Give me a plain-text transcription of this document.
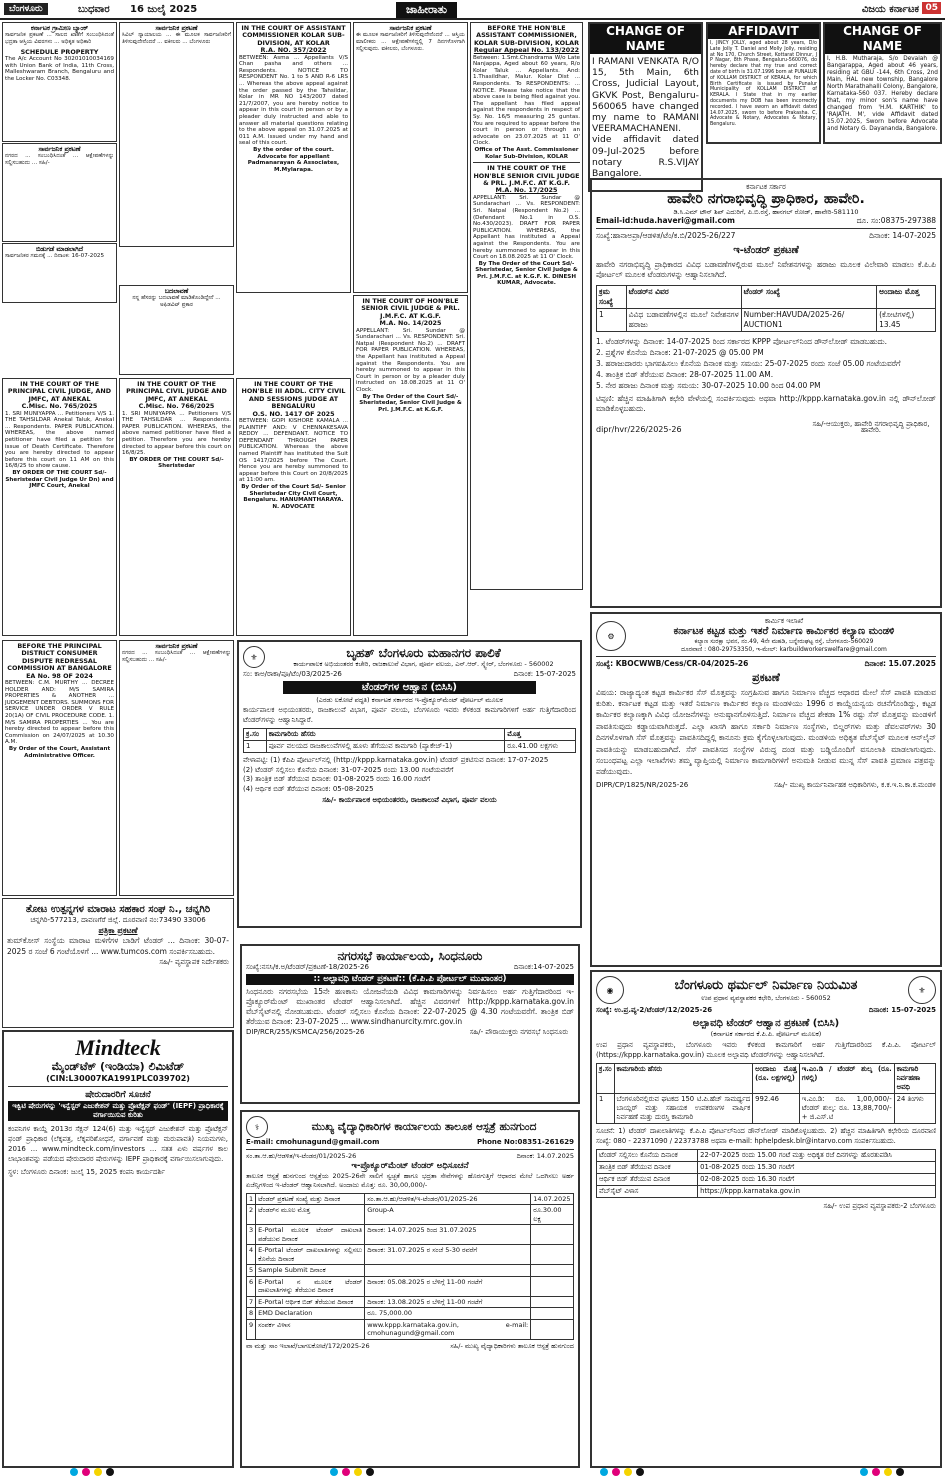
ಬೆಂಗಳೂರು	ಬುಧವಾರ 16 ಜುಲೈ 2025	ಜಾಹೀರಾತು	ವಿಜಯ ಕರ್ನಾಟಕ 05
ಕರ್ನಾಟಕ ಗ್ರಾಮೀಣ ಬ್ಯಾಂಕ್
ಸಾರ್ವಜನಿಕ ಪ್ರಕಟಣೆ ... ಸಾಲದ ಖಾತೆಗೆ ಸಂಬಂಧಿಸಿದಂತೆ ಭದ್ರತಾ ಆಸ್ತಿಯ ವಿವರಗಳು ... ಅಧಿಕೃತ ಅಧಿಕಾರಿ
SCHEDULE PROPERTY
The A/c Account No 30201010034169 with Union Bank of India, 11th Cross, Malleshwaram Branch, Bengaluru and the Locker No. C03348.
ಬಿಡುಗಡೆ ಮಾಡಲಾಗಿದೆ
ಸಾರ್ವಜನಿಕರ ಗಮನಕ್ಕೆ ... ದಿನಾಂಕ: 16-07-2025
ಸಾರ್ವಜನಿಕ ಪ್ರಕಟಣೆ
ನಗರದ ... ಸಂಬಂಧಿಸಿದಂತೆ ... ಆಕ್ಷೇಪಣೆಗಳನ್ನು ಸಲ್ಲಿಸಬಹುದು ... ಸಹಿ/-
ಸಾರ್ವಜನಿಕ ಪ್ರಕಟಣೆ
ಸಿವಿಲ್ ನ್ಯಾಯಾಲಯ ... ಈ ಮೂಲಕ ಸಾರ್ವಜನಿಕರಿಗೆ ತಿಳಿಸುವುದೇನೆಂದರೆ ... ವಕೀಲರು ... ಬೆಂಗಳೂರು
ಬದಲಾವಣೆ
ನನ್ನ ಹೆಸರನ್ನು ಬದಲಾವಣೆ ಮಾಡಿಕೊಂಡಿದ್ದೇನೆ ... ಅಫಿಡವಿಟ್ ಪ್ರಕಾರ
IN THE COURT OF ASSISTANT COMMISSIONER KOLAR SUB-DIVISION, AT KOLAR
R.A. NO. 357/2022
BETWEEN: Asma ... Appellants V/S Chan pasha and others ... Respondents. NOTICE TO RESPONDENT No. 1 to 5 AND R-6 LRS ... Whereas the above appeal against the order passed by the Tahsildar, Kolar in MR NO 143/2007 dated 21/7/2007, you are hereby notice to appear in this court in person or by a pleader duly instructed and able to answer all material questions relating to the above appeal on 31.07.2025 at 011 A.M. Issued under my hand and seal of this court.
By the order of the court. Advocate for appellant Padmanarayan & Associates, M.Mylarapa.
ಸಾರ್ವಜನಿಕ ಪ್ರಕಟಣೆ
ಈ ಮೂಲಕ ಸಾರ್ವಜನಿಕರಿಗೆ ತಿಳಿಸುವುದೇನೆಂದರೆ ... ಆಸ್ತಿಯ ಮಾಲೀಕರು ... ಆಕ್ಷೇಪಣೆಗಳಿದ್ದಲ್ಲಿ 7 ದಿನಗಳೊಳಗಾಗಿ ಸಲ್ಲಿಸುವುದು. ವಕೀಲರು, ಬೆಂಗಳೂರು.
BEFORE THE HON'BLE ASSISTANT COMMISSIONER, KOLAR SUB-DIVISION, KOLAR
Regular Appeal No. 133/2022
Between: 1.Smt.Chandrama W/o Late Nanjappa, Aged about 60 years, R/o Kolar Taluk ... Appellants. And: 1.Thasildhar, Malur. Kolar Dist ... Respondents. To RESPONDENTS: ... NOTICE. Please take notice that the above case is being filed against you. The appellant has filed appeal against the respondents in respect of Sy. No. 16/5 measuring 25 guntas. You are required to appear before the court in person or through an advocate on 23.07.2025 at 11 O' Clock.
Office of The Asst. Commissioner Kolar Sub-Division, KOLAR
IN THE COURT OF THE HON'BLE SENIOR CIVIL JUDGE & PRL. J.M.F.C. AT K.G.F.
M.A. No. 17/2025
APPELLANT: Sri. Sundar @ Sundarachari ... Vs. RESPONDENT: Sri. Natpal (Respondent No.2) ... (Defendant No.1 in O.S. No.430/2023). DRAFT FOR PAPER PUBLICATION. WHEREAS, the Appellant has instituted a Appeal against the Respondents. You are hereby summoned to appear in this Court on 18.08.2025 at 11 O' Clock.
By The Order of the Court Sd/- Sheristedar, Senior Civil Judge & Prl. J.M.F.C. at K.G.F. K. DINESH KUMAR, Advocate.
CHANGE OF NAME
I RAMANI VENKATA R/O 15, 5th Main, 6th Cross, Judicial Layout, GKVK Post, Bengaluru-560065 have changed my name to RAMANI VEERAMACHANENI. vide affidavit dated 09-Jul-2025 before notary R.S.VIJAY Bangalore.
AFFIDAVIT
I, JINCY JOLLY, aged about 28 years, D/o Late Jolly T. Daniel and Molly Jolly, residing at No 170, Church Street, Kottarat Dinnur, J P Nagar, 8th Phase, Bengaluru-560076, do hereby declare that my true and correct date of birth is 31.07.1996 born at PUNALUR of KOLLAM DISTRICT of KERALA, for which Birth Certificate is issued by Punalur Municipality of KOLLAM DISTRICT of KERALA. I State that in my earlier documents my DOB has been incorrectly recorded. I have sworn an affidavit dated 14.07.2025, sworn to before Prakasha. C, Advocate & Notary, Advocates & Notary, Bengaluru.
CHANGE OF NAME
I, H.B. Mutharaja, S/o Devaiah @ Bangarappa, Aged about 46 years, residing at GBU -144, 6th Cross, 2nd Main, HAL new township, Bangalore North Marathahalli Colony, Bangalore, Karnataka-560 037. Hereby declare that, my minor son's name have changed from 'H.M. KARTHIK' to 'RAJATH. M', vide Affidavit dated 15.07.2025, Sworn before Advocate and Notary G. Dayananda, Bangalore.
ಕರ್ನಾಟಕ ಸರ್ಕಾರ
ಹಾವೇರಿ ನಗರಾಭಿವೃದ್ಧಿ ಪ್ರಾಧಿಕಾರ, ಹಾವೇರಿ.
ಡಿ.ಸಿ.ಎಮ್ ಟೌನ್ ಶಿಪ್ ಎದುರಿಗೆ, ಪಿ.ಬಿ.ರಸ್ತೆ, ಹಾನಗಲ್ ರೋಡ್, ಹಾವೇರಿ-581110
Email-id:huda.haveri@gmail.com	ದೂ. ಸಂ:08375-297388
ಸಂಖ್ಯೆ:ಹಾನಾಅಪ್ರಾ/ಆಡಳಿತ/ಟೆಂ/ಕ.ಬಿ/2025-26/227	ದಿನಾಂಕ: 14-07-2025
ಇ-ಟೆಂಡರ್ ಪ್ರಕಟಣೆ
ಹಾವೇರಿ ನಗರಾಭಿವೃದ್ಧಿ ಪ್ರಾಧಿಕಾರದ ವಿವಿಧ ಬಡಾವಣೆಗಳಲ್ಲಿರುವ ಮೂಲೆ ನಿವೇಶನಗಳನ್ನು ಹರಾಜು ಮೂಲಕ ವಿಲೇವಾರಿ ಮಾಡಲು ಕೆ.ಪಿ.ಪಿ ಪೋರ್ಟಲ್ ಮೂಲಕ ಟೆಂಡರುಗಳನ್ನು ಆಹ್ವಾನಿಸಲಾಗಿದೆ.
ಕ್ರಮ ಸಂಖ್ಯೆ	ಟೆಂಡರ್‌ನ ವಿವರ	ಟೆಂಡರ್ ಸಂಖ್ಯೆ	ಅಂದಾಜು ಮೊತ್ತ
1	ವಿವಿಧ ಬಡಾವಣೆಗಳಲ್ಲಿನ ಮೂಲೆ ನಿವೇಶನಗಳ ಹರಾಜು	Number:HAVUDA/2025-26/ AUCTION1	(ಕೋಟಿಗಳಲ್ಲಿ) 13.45
1. ಟೆಂಡರ್‌ಗಳನ್ನು ದಿನಾಂಕ: 14-07-2025 ರಿಂದ ಸರ್ಕಾರದ KPPP ಪೋರ್ಟಲ್‌ನಿಂದ ಡೌನ್‌ಲೋಡ್ ಮಾಡಬಹುದು.
2. ಪ್ರಶ್ನೆಗಳ ಕೊನೆಯ ದಿನಾಂಕ: 21-07-2025 @ 05.00 PM
3. ಹರಾಜುದಾರರು ಭಾಗವಹಿಸಲು ಕೊನೆಯ ದಿನಾಂಕ ಮತ್ತು ಸಮಯ: 25-07-2025 ರಂದು ಸಂಜೆ 05.00 ಗಂಟೆಯವರೆಗೆ
4. ತಾಂತ್ರಿಕ ಬಿಡ್ ತೆರೆಯುವ ದಿನಾಂಕ: 28-07-2025 11.00 AM.
5. ನೇರ ಹರಾಜು ದಿನಾಂಕ ಮತ್ತು ಸಮಯ: 30-07-2025 10.00 ರಿಂದ 04.00 PM
ಟಿಪ್ಪಣಿ: ಹೆಚ್ಚಿನ ಮಾಹಿತಿಗಾಗಿ ಕಛೇರಿ ವೇಳೆಯಲ್ಲಿ ಸಂಪರ್ಕಿಸುವುದು ಅಥವಾ http://kppp.karnataka.gov.in ನಲ್ಲಿ ಡೌನ್‌ಲೋಡ್ ಮಾಡಿಕೊಳ್ಳಬಹುದು.
dipr/hvr/226/2025-26
ಸಹಿ/-ಆಯುಕ್ತರು, ಹಾವೇರಿ ನಗರಾಭಿವೃದ್ಧಿ ಪ್ರಾಧಿಕಾರ, ಹಾವೇರಿ.
IN THE COURT OF THE PRINCIPAL CIVIL JUDGE, AND JMFC, AT ANEKAL
C.Misc. No. 765/2025
1. SRI MUNIYAPPA ... Petitioners V/S 1. THE TAHSILDAR Anekal Taluk, Anekal ... Respondents. PAPER PUBLICATION. WHEREAS, the above named petitioner have filed a petition for issue of Death Certificate. Therefore you are hereby directed to appear before this court on 11 AM on this 16/8/25 to show cause.
BY ORDER OF THE COURT Sd/- Sheristedar Civil Judge Ur Dn) and JMFC Court, Anekal
IN THE COURT OF THE PRINCIPAL CIVIL JUDGE AND JMFC, AT ANEKAL
C.Misc. No. 766/2025
1. SRI MUNIYAPPA ... Petitioners V/S THE TAHSILDAR ... Respondents. PAPER PUBLICATION. WHEREAS, the above named petitioner have filed a petition. Therefore you are hereby directed to appear before this court on 16/8/25.
BY ORDER OF THE COURT Sd/- Sheristedar
IN THE COURT OF THE HON'BLE III ADDL. CITY CIVIL AND SESSIONS JUDGE AT BENGALURU
O.S. NO. 1417 OF 2025
BETWEEN: GOPI KISHORE KAMALA ... PLAINTIFF AND: V CHENNAKESAVA REDDY ... DEFENDANT. NOTICE TO DEFENDANT THROUGH PAPER PUBLICATION. Whereas the above named Plaintiff has instituted the Suit OS 1417/2025 before The Court. Hence you are hereby summoned to appear before this Court on 20/8/2025 at 11:00 am.
By Order of the Court Sd/- Senior Sheristedar City Civil Court, Bengaluru. HANUMANTHARAYA. N. ADVOCATE
IN THE COURT OF HON'BLE SENIOR CIVIL JUDGE & PRL. J.M.F.C. AT K.G.F.
M.A. No. 14/2025
APPELLANT: Sri. Sundar @ Sundarachari ... Vs. RESPONDENT: Sri. Natpal (Respondent No.2) ... DRAFT FOR PAPER PUBLICATION. WHEREAS, the Appellant has instituted a Appeal against the Respondents. You are hereby summoned to appear in this Court in person or by a pleader duly instructed on 18.08.2025 at 11 O' Clock.
By The Order of the Court Sd/- Sheristedar, Senior Civil Judge & Prl. J.M.F.C. at K.G.F.
BEFORE THE PRINCIPAL DISTRICT CONSUMER DISPUTE REDRESSAL COMMISSION AT BANGALORE
EA No. 98 OF 2024
BETWEEN: C.M. MURTHY ... DECREE HOLDER AND: M/S SAMIRA PROPERTIES & ANOTHER ... JUDGEMENT DEBTORS. SUMMONS FOR SERVICE UNDER ORDER V RULE 20(1A) OF CIVIL PROCEDURE CODE. 1. M/S SAMIRA PROPERTIES ... You are hereby directed to appear before this Commission on 24/07/2025 at 10.30 A.M.
By Order of the Court, Assistant Administrative Officer.
ಸಾರ್ವಜನಿಕ ಪ್ರಕಟಣೆ
ನಗರದ ... ಸಂಬಂಧಿಸಿದಂತೆ ... ಆಕ್ಷೇಪಣೆಗಳನ್ನು ಸಲ್ಲಿಸಬಹುದು ... ಸಹಿ/-	⚜	ಬೃಹತ್ ಬೆಂಗಳೂರು ಮಹಾನಗರ ಪಾಲಿಕೆ
ಕಾರ್ಯಪಾಲಕ ಅಭಿಯಂತರರ ಕಚೇರಿ, ರಾಜಕಾಲುವೆ ವಿಭಾಗ, ಪೂರ್ವ ವಲಯ, ಎನ್.ಆರ್. ಸ್ಕ್ವೇರ್, ಬೆಂಗಳೂರು - 560002
ಸಂ: ಕಾಅ/ರಾಕಾ/ಪೂ/ಟೆಂ/03/2025-26	ದಿನಾಂಕ: 15-07-2025
ಟೆಂಡರ್‌ಗಳ ಆಹ್ವಾನ (ಬಿಸಿಸಿ)
(ಎರಡು ಲಕೋಟೆ ಪದ್ಧತಿ) ಕರ್ನಾಟಕ ಸರ್ಕಾರದ ಇ-ಪ್ರೊಕ್ಯೂರ್‌ಮೆಂಟ್ ಪೋರ್ಟಲ್ ಮೂಲಕ
ಕಾರ್ಯಪಾಲಕ ಅಭಿಯಂತರರು, ರಾಜಕಾಲುವೆ ವಿಭಾಗ, ಪೂರ್ವ ವಲಯ, ಬೆಂಗಳೂರು ಇವರು ಕೆಳಕಂಡ ಕಾಮಗಾರಿಗಳಿಗೆ ಅರ್ಹ ಗುತ್ತಿಗೆದಾರರಿಂದ ಟೆಂಡರ್‌ಗಳನ್ನು ಆಹ್ವಾನಿಸಿದ್ದಾರೆ.
ಕ್ರ.ಸಂ	ಕಾಮಗಾರಿಯ ಹೆಸರು	ಮೊತ್ತ
1	ಪೂರ್ವ ವಲಯದ ರಾಜಕಾಲುವೆಗಳಲ್ಲಿ ಹೂಳು ತೆಗೆಯುವ ಕಾಮಗಾರಿ (ಪ್ಯಾಕೇಜ್-1)	ರೂ.41.00 ಲಕ್ಷಗಳು
ವೇಳಾಪಟ್ಟಿ: (1) ಕೆಪಿಪಿ ಪೋರ್ಟಲ್‌ನಲ್ಲಿ (http://kppp.karnataka.gov.in) ಟೆಂಡರ್ ಪ್ರಕಟಿಸುವ ದಿನಾಂಕ: 17-07-2025
(2) ಟೆಂಡರ್ ಸಲ್ಲಿಸಲು ಕೊನೆಯ ದಿನಾಂಕ: 31-07-2025 ರಂದು 13.00 ಗಂಟೆಯವರೆಗೆ
(3) ತಾಂತ್ರಿಕ ಬಿಡ್ ತೆರೆಯುವ ದಿನಾಂಕ: 01-08-2025 ರಂದು 16.00 ಗಂಟೆಗೆ
(4) ಆರ್ಥಿಕ ಬಿಡ್ ತೆರೆಯುವ ದಿನಾಂಕ: 05-08-2025
ಸಹಿ/- ಕಾರ್ಯಪಾಲಕ ಅಭಿಯಂತರರು, ರಾಜಕಾಲುವೆ ವಿಭಾಗ, ಪೂರ್ವ ವಲಯ
ತೋಟ ಉತ್ಪನ್ನಗಳ ಮಾರಾಟ ಸಹಕಾರ ಸಂಘ ನಿ., ಚನ್ನಗಿರಿ
ಚನ್ನಗಿರಿ-577213, ದಾವಣಗೆರೆ ಜಿಲ್ಲೆ. ದೂರವಾಣಿ ನಂ:73490 33006
ಪತ್ರಿಕಾ ಪ್ರಕಟಣೆ
ತುಮ್‌ಕೋಸ್ ಸಂಸ್ಥೆಯ ಮಾರಾಟ ಮಳಿಗೆಗಳ ಬಾಡಿಗೆ ಟೆಂಡರ್ ... ದಿನಾಂಕ: 30-07-2025 ರ ಸಂಜೆ 6 ಗಂಟೆಯೊಳಗೆ ... www.tumcos.com ಸಂಪರ್ಕಿಸಬಹುದು.
ಸಹಿ/- ವ್ಯವಸ್ಥಾಪಕ ನಿರ್ದೇಶಕರು
Mindteck
ಮೈಂಡ್‌ಟೆಕ್ (ಇಂಡಿಯಾ) ಲಿಮಿಟೆಡ್
(CIN:L30007KA1991PLC039702)
ಷೇರುದಾರರಿಗೆ ಸೂಚನೆ
ಇಕ್ವಿಟಿ ಷೇರುಗಳನ್ನು 'ಇನ್ವೆಸ್ಟರ್ ಎಜುಕೇಶನ್ ಮತ್ತು ಪ್ರೊಟೆಕ್ಷನ್ ಫಂಡ್' (IEPF) ಪ್ರಾಧಿಕಾರಕ್ಕೆ ವರ್ಗಾಯಿಸುವ ಕುರಿತು
ಕಂಪನಿಗಳ ಕಾಯ್ದೆ 2013ರ ಸೆಕ್ಷನ್ 124(6) ಮತ್ತು ಇನ್ವೆಸ್ಟರ್ ಎಜುಕೇಶನ್ ಮತ್ತು ಪ್ರೊಟೆಕ್ಷನ್ ಫಂಡ್ ಪ್ರಾಧಿಕಾರ (ಲೆಕ್ಕಪತ್ರ, ಲೆಕ್ಕಪರಿಶೋಧನೆ, ವರ್ಗಾವಣೆ ಮತ್ತು ಮರುಪಾವತಿ) ನಿಯಮಗಳು, 2016 ... www.mindteck.com/investors ... ಸತತ ಏಳು ವರ್ಷಗಳ ಕಾಲ ಲಾಭಾಂಶವನ್ನು ಪಡೆಯದ ಷೇರುದಾರರ ಷೇರುಗಳನ್ನು IEPF ಪ್ರಾಧಿಕಾರಕ್ಕೆ ವರ್ಗಾಯಿಸಲಾಗುವುದು.
ಸ್ಥಳ: ಬೆಂಗಳೂರು ದಿನಾಂಕ: ಜುಲೈ 15, 2025 ಕಂಪನಿ ಕಾರ್ಯದರ್ಶಿ
ನಗರಸಭೆ ಕಾರ್ಯಾಲಯ, ಸಿಂಧನೂರು
ಸಂಖ್ಯೆ:ನಸಸಿ/ಕ.ಅ/ಟೆಂಡರ್/ಪ್ರಕಟಣೆ-18/2025-26	ದಿನಾಂಕ:14-07-2025
:: ಅಲ್ಪಾವಧಿ ಟೆಂಡರ್ ಪ್ರಕಟಣೆ:: (ಕೆ.ಪಿ.ಪಿ ಪೋರ್ಟಲ್ ಮುಖಾಂತರ)
ಸಿಂಧನೂರು ನಗರಸಭೆಯ 15ನೇ ಹಣಕಾಸು ಯೋಜನೆಯಡಿ ವಿವಿಧ ಕಾಮಗಾರಿಗಳನ್ನು ನಿರ್ವಹಿಸಲು ಅರ್ಹ ಗುತ್ತಿಗೆದಾರರಿಂದ ಇ-ಪ್ರೊಕ್ಯೂರ್‌ಮೆಂಟ್ ಮುಖಾಂತರ ಟೆಂಡರ್ ಆಹ್ವಾನಿಸಲಾಗಿದೆ. ಹೆಚ್ಚಿನ ವಿವರಗಳಿಗೆ http://kppp.karnataka.gov.in ವೆಬ್‌ಸೈಟ್‌ನಲ್ಲಿ ನೋಡಬಹುದು. ಟೆಂಡರ್ ಸಲ್ಲಿಸಲು ಕೊನೆಯ ದಿನಾಂಕ: 22-07-2025 @ 4.30 ಗಂಟೆಯವರೆಗೆ. ತಾಂತ್ರಿಕ ಬಿಡ್ ತೆರೆಯುವ ದಿನಾಂಕ: 23-07-2025 ... www.sindhanurcity.mrc.gov.in
DIP/RCR/255/KSMCA/256/2025-26	ಸಹಿ/- ಪೌರಾಯುಕ್ತರು ನಗರಸಭೆ ಸಿಂಧನೂರು
⚕	ಮುಖ್ಯ ವೈದ್ಯಾಧಿಕಾರಿಗಳ ಕಾರ್ಯಾಲಯ ತಾಲೂಕ ಆಸ್ಪತ್ರೆ ಹುನಗುಂದ
E-mail: cmohunagund@gmail.com	Phone No:08351-261629
ಸಂ.ತಾ.ಆ.ಹು/ಆಡಳಿತ/ಇ-ಟೆಂಡರ/01/2025-26	ದಿನಾಂಕ: 14.07.2025
ಇ-ಪ್ರೊಕ್ಯೂರ್‌ಮೆಂಟ್ ಟೆಂಡರ್ ಅಧಿಸೂಚನೆ
ತಾಲೂಕ ಆಸ್ಪತ್ರೆ ಹುನಗುಂದ ಆಸ್ಪತ್ರೆಯ 2025-26ನೇ ಸಾಲಿಗೆ ಸ್ವಚ್ಛತೆ ಹಾಗೂ ಭದ್ರತಾ ಸೇವೆಗಳನ್ನು ಹೊರಗುತ್ತಿಗೆ ಆಧಾರದ ಮೇಲೆ ಒದಗಿಸಲು ಅರ್ಹ ಏಜೆನ್ಸಿಗಳಿಂದ ಇ-ಟೆಂಡರ್ ಆಹ್ವಾನಿಸಲಾಗಿದೆ. ಅಂದಾಜು ಮೊತ್ತ: ರೂ. 30,00,000/-
1	ಟೆಂಡರ್ ಪ್ರಕಟಣೆ ಸಂಖ್ಯೆ ಮತ್ತು ದಿನಾಂಕ	ಸಂ.ತಾ.ಆ.ಹು/ಆಡಳಿತ/ಇ-ಟೆಂಡರ/01/2025-26	14.07.2025
2	ಟೆಂಡರ್‌ನ ಮೂಲ ಮೊತ್ತ	Group-A	ರೂ.30.00 ಲಕ್ಷ
3	E-Portal ಮೂಲಕ ಟೆಂಡರ್ ದಾಖಲಾತಿ ಪಡೆಯುವ ದಿನಾಂಕ	ದಿನಾಂಕ: 14.07.2025 ರಿಂದ 31.07.2025	
4	E-Portal ಟೆಂಡರ್ ದಾಖಲಾತಿಗಳನ್ನು ಸಲ್ಲಿಸಲು ಕೊನೆಯ ದಿನಾಂಕ	ದಿನಾಂಕ: 31.07.2025 ರ ಸಂಜೆ 5-30 ರವರೆಗೆ	
5	Sample Submit ದಿನಾಂಕ		
6	E-Portal ನ ಮೂಲಕ ಟೆಂಡರ್ ದಾಖಲಾತಿಗಳನ್ನು ತೆರೆಯುವ ದಿನಾಂಕ	ದಿನಾಂಕ: 05.08.2025 ರ ಬೆಳಿಗ್ಗೆ 11-00 ಗಂಟೆಗೆ	
7	E-Portal ಆರ್ಥಿಕ ಬಿಡ್ ತೆರೆಯುವ ದಿನಾಂಕ	ದಿನಾಂಕ: 13.08.2025 ರ ಬೆಳಿಗ್ಗೆ 11-00 ಗಂಟೆಗೆ	
8	EMD Declaration	ರೂ. 75,000.00	
9	ಸಂಪರ್ಕ ವಿಳಾಸ	www.kppp.karnataka.gov.in, e-mail: cmohunagund@gmail.com	
ವಾ ಮತ್ತು ಸಾಂ ಇಲಾಖೆ/ಬಾಗಲಕೋಟೆ/172/2025-26	ಸಹಿ/- ಮುಖ್ಯ ವೈದ್ಯಾಧಿಕಾರಿಗಳು ತಾಲೂಕ ಆಸ್ಪತ್ರೆ ಹುನಗುಂದ
⚙
ಕಾರ್ಮಿಕ ಇಲಾಖೆ
ಕರ್ನಾಟಕ ಕಟ್ಟಡ ಮತ್ತು ಇತರೆ ನಿರ್ಮಾಣ ಕಾರ್ಮಿಕರ ಕಲ್ಯಾಣ ಮಂಡಳಿ
ಕಲ್ಯಾಣ ಸುರಕ್ಷಾ ಭವನ, ನಂ.49, 4ನೇ ಮಹಡಿ, ಬನ್ನೇರುಘಟ್ಟ ರಸ್ತೆ, ಬೆಂಗಳೂರು-560029
ದೂರವಾಣಿ : 080-29753350, ಇ-ಮೇಲ್: karbuildworkerswelfare@gmail.com
ಸಂಖ್ಯೆ: KBOCWWB/Cess/CR-04/2025-26	ದಿನಾಂಕ: 15.07.2025
ಪ್ರಕಟಣೆ
ವಿಷಯ: ರಾಜ್ಯಾದ್ಯಂತ ಕಟ್ಟಡ ಕಾರ್ಮಿಕರ ಸೆಸ್ ಮೊತ್ತವನ್ನು ಸಂಗ್ರಹಿಸುವ ಹಾಗೂ ನಿರ್ಮಾಣ ವೆಚ್ಚದ ಆಧಾರದ ಮೇಲೆ ಸೆಸ್ ಪಾವತಿ ಮಾಡುವ ಕುರಿತು. ಕರ್ನಾಟಕ ಕಟ್ಟಡ ಮತ್ತು ಇತರೆ ನಿರ್ಮಾಣ ಕಾರ್ಮಿಕರ ಕಲ್ಯಾಣ ಮಂಡಳಿಯು 1996 ರ ಕಾಯ್ದೆಯನ್ವಯ ರಚನೆಗೊಂಡಿದ್ದು, ಕಟ್ಟಡ ಕಾರ್ಮಿಕರ ಕಲ್ಯಾಣಕ್ಕಾಗಿ ವಿವಿಧ ಯೋಜನೆಗಳನ್ನು ಅನುಷ್ಠಾನಗೊಳಿಸುತ್ತಿದೆ. ನಿರ್ಮಾಣ ವೆಚ್ಚದ ಶೇಕಡಾ 1% ರಷ್ಟು ಸೆಸ್ ಮೊತ್ತವನ್ನು ಮಂಡಳಿಗೆ ಪಾವತಿಸುವುದು ಕಡ್ಡಾಯವಾಗಿರುತ್ತದೆ. ಎಲ್ಲಾ ಖಾಸಗಿ ಹಾಗೂ ಸರ್ಕಾರಿ ನಿರ್ಮಾಣ ಸಂಸ್ಥೆಗಳು, ಬಿಲ್ಡರ್‌ಗಳು ಮತ್ತು ಡೆವಲಪರ್‌ಗಳು 30 ದಿನಗಳೊಳಗಾಗಿ ಸೆಸ್ ಮೊತ್ತವನ್ನು ಪಾವತಿಸದಿದ್ದಲ್ಲಿ ಕಾನೂನು ಕ್ರಮ ಕೈಗೊಳ್ಳಲಾಗುವುದು. ಮಂಡಳಿಯ ಅಧಿಕೃತ ವೆಬ್‌ಸೈಟ್ ಮೂಲಕ ಆನ್‌ಲೈನ್ ಪಾವತಿಯನ್ನು ಮಾಡಬಹುದಾಗಿದೆ. ಸೆಸ್ ಪಾವತಿಸದ ಸಂಸ್ಥೆಗಳ ವಿರುದ್ಧ ದಂಡ ಮತ್ತು ಬಡ್ಡಿಯೊಂದಿಗೆ ವಸೂಲಾತಿ ಮಾಡಲಾಗುವುದು. ಸಂಬಂಧಪಟ್ಟ ಎಲ್ಲಾ ಇಲಾಖೆಗಳು ತಮ್ಮ ವ್ಯಾಪ್ತಿಯಲ್ಲಿ ನಿರ್ಮಾಣ ಕಾಮಗಾರಿಗಳಿಗೆ ಅನುಮತಿ ನೀಡುವ ಮುನ್ನ ಸೆಸ್ ಪಾವತಿ ಪ್ರಮಾಣ ಪತ್ರವನ್ನು ಪಡೆಯುವುದು.
DIPR/CP/1825/NR/2025-26	ಸಹಿ/- ಮುಖ್ಯ ಕಾರ್ಯನಿರ್ವಾಹಕ ಅಧಿಕಾರಿಗಳು, ಕ.ಕ.ಇ.ನಿ.ಕಾ.ಕ.ಮಂಡಳಿ
◉	ಬೆಂಗಳೂರು ಥರ್ಮಲ್ ನಿರ್ಮಾಣ ನಿಯಮಿತ
ಉಪ ಪ್ರಧಾನ ವ್ಯವಸ್ಥಾಪಕರ ಕಛೇರಿ, ಬೆಂಗಳೂರು - 560052
⚜
ಸಂಖ್ಯೆ: ಉ.ಪ್ರ.ವ್ಯ-2/ಟೆಂಡರ್/12/2025-26	ದಿನಾಂಕ: 15-07-2025
ಅಲ್ಪಾವಧಿ ಟೆಂಡರ್ ಆಹ್ವಾನ ಪ್ರಕಟಣೆ (ಬಿಸಿಸಿ)
(ಕರ್ನಾಟಕ ಸರ್ಕಾರದ ಕೆ.ಪಿ.ಪಿ. ಪೋರ್ಟಲ್ ಮೂಲಕ)
ಉಪ ಪ್ರಧಾನ ವ್ಯವಸ್ಥಾಪಕರು, ಬೆಂಗಳೂರು ಇವರು ಕೆಳಕಂಡ ಕಾಮಗಾರಿಗೆ ಅರ್ಹ ಗುತ್ತಿಗೆದಾರರಿಂದ ಕೆ.ಪಿ.ಪಿ. ಪೋರ್ಟಲ್ (https://kppp.karnataka.gov.in) ಮೂಲಕ ಅಲ್ಪಾವಧಿ ಟೆಂಡರ್‌ಗಳನ್ನು ಆಹ್ವಾನಿಸಲಾಗಿದೆ.
ಕ್ರ.ಸಂ	ಕಾಮಗಾರಿಯ ಹೆಸರು	ಅಂದಾಜು ಮೊತ್ತ (ರೂ. ಲಕ್ಷಗಳಲ್ಲಿ)	ಇ.ಎಂ.ಡಿ / ಟೆಂಡರ್ ಶುಲ್ಕ (ರೂ. ಗಳಲ್ಲಿ)	ಕಾಮಗಾರಿ ನಿರ್ವಹಣಾ ಅವಧಿ
1	ಬೆಂಗಳೂರಿನಲ್ಲಿರುವ ಘಟಕದ 150 ಟಿ.ಪಿ.ಹೆಚ್ ಸಾಮರ್ಥ್ಯದ ಬಾಯ್ಲರ್ ಮತ್ತು ಸಹಾಯಕ ಉಪಕರಣಗಳ ವಾರ್ಷಿಕ ನಿರ್ವಹಣೆ ಮತ್ತು ದುರಸ್ತಿ ಕಾಮಗಾರಿ	992.46	ಇ.ಎಂ.ಡಿ: ರೂ. 1,00,000/- ಟೆಂಡರ್ ಶುಲ್ಕ: ರೂ. 13,88,700/- + ಜಿ.ಎಸ್.ಟಿ	24 ತಿಂಗಳು
ಸೂಚನೆ: 1) ಟೆಂಡರ್ ದಾಖಲಾತಿಗಳನ್ನು ಕೆ.ಪಿ.ಪಿ ಪೋರ್ಟಲ್‌ನಿಂದ ಡೌನ್‌ಲೋಡ್ ಮಾಡಿಕೊಳ್ಳಬಹುದು. 2) ಹೆಚ್ಚಿನ ಮಾಹಿತಿಗಾಗಿ ಕಛೇರಿಯ ದೂರವಾಣಿ ಸಂಖ್ಯೆ: 080 - 22371090 / 22373788 ಅಥವಾ e-mail: hphelpdesk.blr@intarvo.com ಸಂಪರ್ಕಿಸಬಹುದು.
ಟೆಂಡರ್ ಸಲ್ಲಿಸಲು ಕೊನೆಯ ದಿನಾಂಕ	22-07-2025 ರಂದು 15.00 ಗಂಟೆ ಮತ್ತು ಅಧಿಕೃತ ರಜೆ ದಿನಗಳನ್ನು ಹೊರತುಪಡಿಸಿ
ತಾಂತ್ರಿಕ ಬಿಡ್ ತೆರೆಯುವ ದಿನಾಂಕ	01-08-2025 ರಂದು 15.30 ಗಂಟೆಗೆ
ಆರ್ಥಿಕ ಬಿಡ್ ತೆರೆಯುವ ದಿನಾಂಕ	02-08-2025 ರಂದು 16.30 ಗಂಟೆಗೆ
ವೆಬ್‌ಸೈಟ್ ವಿಳಾಸ	https://kppp.karnataka.gov.in
ಸಹಿ/- ಉಪ ಪ್ರಧಾನ ವ್ಯವಸ್ಥಾಪಕರು-2 ಬೆಂಗಳೂರು
